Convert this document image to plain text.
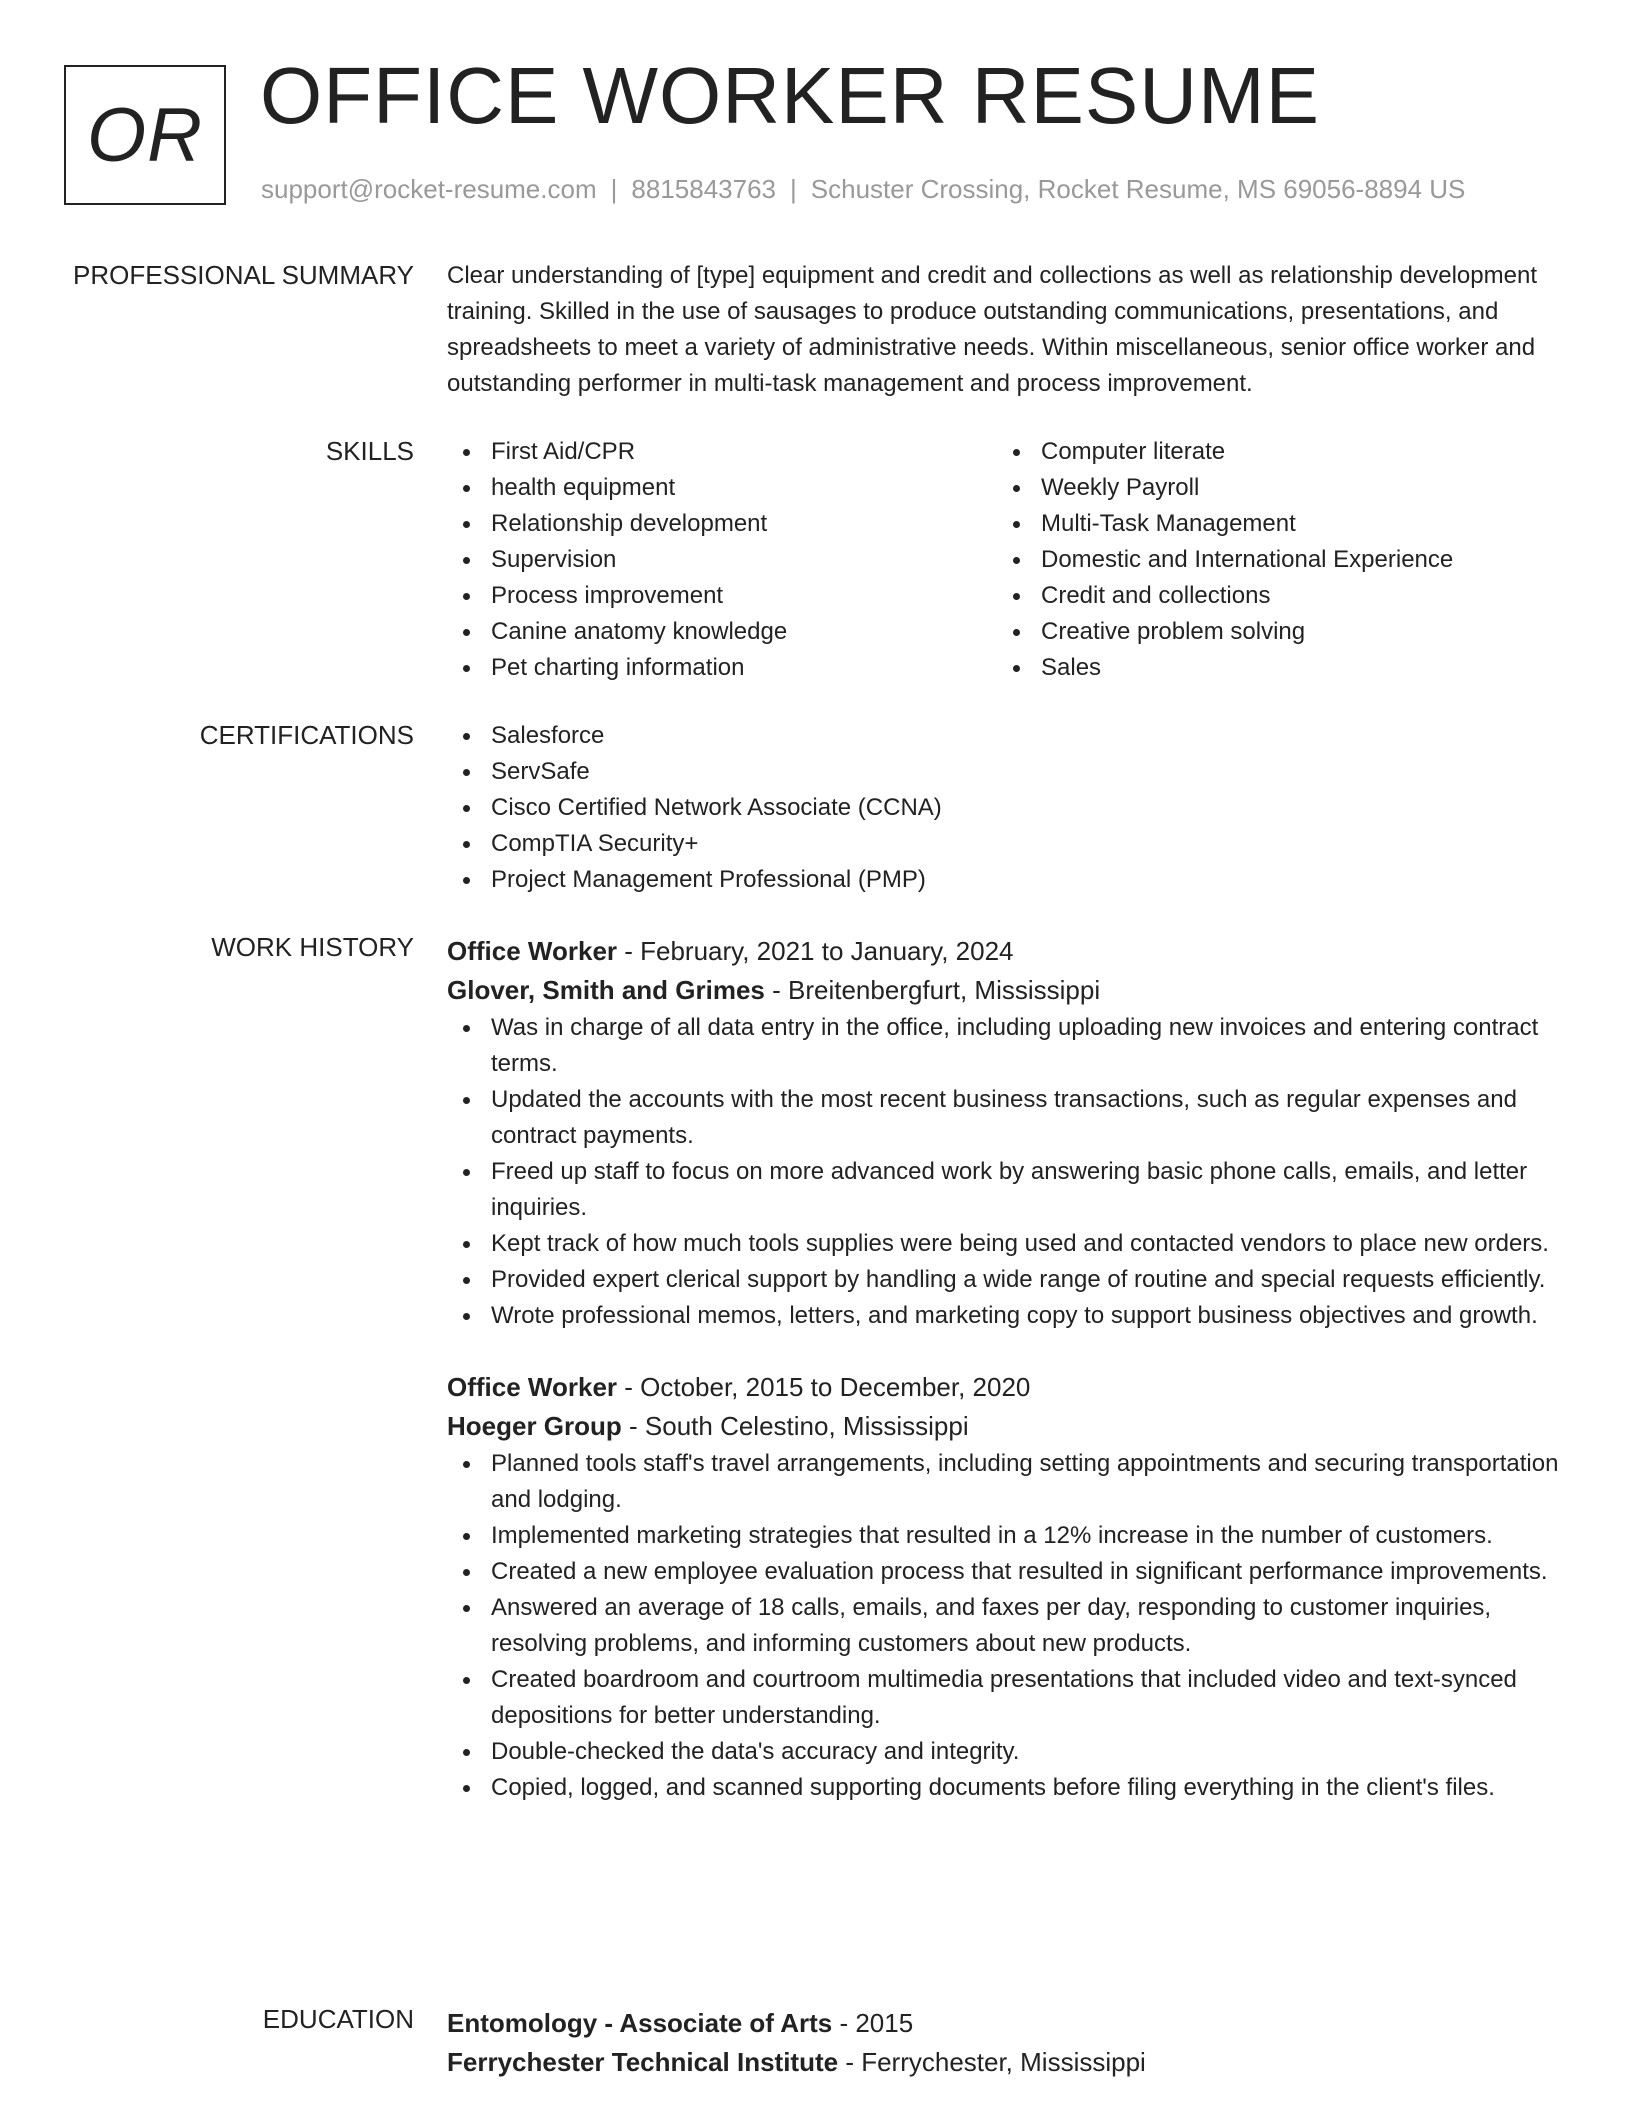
OR OFFICE WORKER RESUME
support@rocket-resume.com | 8815843763 | Schuster Crossing, Rocket Resume, MS 69056-8894 US
PROFESSIONAL SUMMARY Clear understanding of [type] equipment and credit and collections as well as relationship development training. Skilled in the use of sausages to produce outstanding communications, presentations, and spreadsheets to meet a variety of administrative needs. Within miscellaneous, senior office worker and outstanding performer in multi-task management and process improvement.
SKILLS	First Aid/CPR
health equipment
Relationship development
Supervision
Process improvement
Canine anatomy knowledge
Pet charting information
Computer literate
Weekly Payroll
Multi-Task Management
Domestic and International Experience
Credit and collections
Creative problem solving
Sales
CERTIFICATIONS	Salesforce
ServSafe
Cisco Certified Network Associate (CCNA)
CompTIA Security+
Project Management Professional (PMP)
WORK HISTORY Office Worker - February, 2021 to January, 2024
Glover, Smith and Grimes - Breitenbergfurt, Mississippi
Was in charge of all data entry in the office, including uploading new invoices and entering contract terms.
Updated the accounts with the most recent business transactions, such as regular expenses and contract payments.
Freed up staff to focus on more advanced work by answering basic phone calls, emails, and letter inquiries.
Kept track of how much tools supplies were being used and contacted vendors to place new orders.
Provided expert clerical support by handling a wide range of routine and special requests efficiently.
Wrote professional memos, letters, and marketing copy to support business objectives and growth.
Office Worker - October, 2015 to December, 2020
Hoeger Group - South Celestino, Mississippi
Planned tools staff's travel arrangements, including setting appointments and securing transportation and lodging.
Implemented marketing strategies that resulted in a 12% increase in the number of customers.
Created a new employee evaluation process that resulted in significant performance improvements.
Answered an average of 18 calls, emails, and faxes per day, responding to customer inquiries, resolving problems, and informing customers about new products.
Created boardroom and courtroom multimedia presentations that included video and text-synced depositions for better understanding.
Double-checked the data's accuracy and integrity.
Copied, logged, and scanned supporting documents before filing everything in the client's files.
EDUCATION Entomology - Associate of Arts - 2015
Ferrychester Technical Institute - Ferrychester, Mississippi
